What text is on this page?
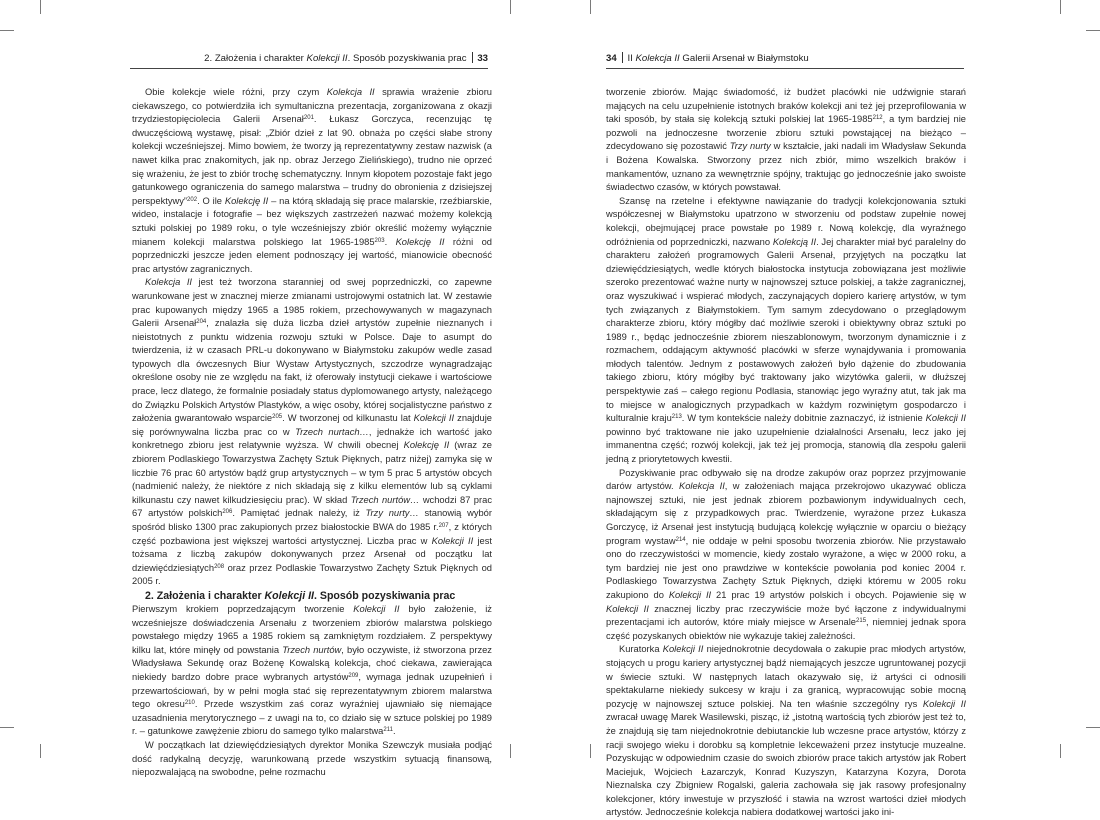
2. Założenia i charakter Kolekcji II. Sposób pozyskiwania prac 33

Obie kolekcje wiele różni, przy czym Kolekcja II sprawia wrażenie zbioru ciekawszego, co potwierdziła ich symultaniczna prezentacja, zorganizowana z okazji trzydziestopięciolecia Galerii Arsenał$^{201}$. Łukasz Gorczyca, recenzując tę dwuczęściową wystawę, pisał: „Zbiór dzieł z lat 90. obnaża po części słabe strony kolekcji wcześniejszej. Mimo bowiem, że tworzy ją reprezentatywny zestaw nazwisk (a nawet kilka prac znakomitych, jak np. obraz Jerzego Zielińskiego), trudno nie oprzeć się wrażeniu, że jest to zbiór trochę schematyczny. Innym kłopotem pozostaje fakt jego gatunkowego ograniczenia do samego malarstwa – trudny do obronienia z dzisiejszej perspektywy”$^{202}$. O ile Kolekcję II – na którą składają się prace malarskie, rzeźbiarskie, wideo, instalacje i fotografie – bez większych zastrzeżeń nazwać możemy kolekcją sztuki polskiej po 1989 roku, o tyle wcześniejszy zbiór określić możemy wyłącznie mianem kolekcji malarstwa polskiego lat 1965-1985$^{203}$. Kolekcję II różni od poprzedniczki jeszcze jeden element podnoszący jej wartość, mianowicie obecność prac artystów zagranicznych.

Kolekcja II jest też tworzona staranniej od swej poprzedniczki, co zapewne warunkowane jest w znacznej mierze zmianami ustrojowymi ostatnich lat. W zestawie prac kupowanych między 1965 a 1985 rokiem, przechowywanych w magazynach Galerii Arsenał$^{204}$, znalazła się duża liczba dzieł artystów zupełnie nieznanych i nieistotnych z punktu widzenia rozwoju sztuki w Polsce. Daje to asumpt do twierdzenia, iż w czasach PRL-u dokonywano w Białymstoku zakupów wedle zasad typowych dla ówczesnych Biur Wystaw Artystycznych, szczodrze wynagradzając określone osoby nie ze względu na fakt, iż oferowały instytucji ciekawe i wartościowe prace, lecz dlatego, że formalnie posiadały status dyplomowanego artysty, należącego do Związku Polskich Artystów Plastyków, a więc osoby, której socjalistyczne państwo z założenia gwarantowało wsparcie$^{205}$. W tworzonej od kilkunastu lat Kolekcji II znajduje się porównywalna liczba prac co w Trzech nurtach…, jednakże ich wartość jako konkretnego zbioru jest relatywnie wyższa. W chwili obecnej Kolekcję II (wraz ze zbiorem Podlaskiego Towarzystwa Zachęty Sztuk Pięknych, patrz niżej) zamyka się w liczbie 76 prac 60 artystów bądź grup artystycznych – w tym 5 prac 5 artystów obcych (nadmienić należy, że niektóre z nich składają się z kilku elementów lub są cyklami kilkunastu czy nawet kilkudziesięciu prac). W skład Trzech nurtów… wchodzi 87 prac 67 artystów polskich$^{206}$. Pamiętać jednak należy, iż Trzy nurty… stanowią wybór spośród blisko 1300 prac zakupionych przez białostockie BWA do 1985 r.$^{207}$, z których część pozbawiona jest większej wartości artystycznej. Liczba prac w Kolekcji II jest tożsama z liczbą zakupów dokonywanych przez Arsenał od początku lat dziewięćdziesiątych$^{208}$ oraz przez Podlaskie Towarzystwo Zachęty Sztuk Pięknych od 2005 r.

2. Założenia i charakter Kolekcji II. Sposób pozyskiwania prac

Pierwszym krokiem poprzedzającym tworzenie Kolekcji II było założenie, iż wcześniejsze doświadczenia Arsenału z tworzeniem zbiorów malarstwa polskiego powstałego między 1965 a 1985 rokiem są zamkniętym rozdziałem. Z perspektywy kilku lat, które minęły od powstania Trzech nurtów, było oczywiste, iż stworzona przez Władysława Sekundę oraz Bożenę Kowalską kolekcja, choć ciekawa, zawierająca niekiedy bardzo dobre prace wybranych artystów$^{209}$, wymaga jednak uzupełnień i przewartościowań, by w pełni mogła stać się reprezentatywnym zbiorem malarstwa tego okresu$^{210}$. Przede wszystkim zaś coraz wyraźniej ujawniało się niemające uzasadnienia merytorycznego – z uwagi na to, co działo się w sztuce polskiej po 1989 r. – gatunkowe zawężenie zbioru do samego tylko malarstwa$^{211}$.

W początkach lat dziewięćdziesiątych dyrektor Monika Szewczyk musiała podjąć dość radykalną decyzję, warunkowaną przede wszystkim sytuacją finansową, niepozwalającą na swobodne, pełne rozmachu

34 II Kolekcja II Galerii Arsenał w Białymstoku

tworzenie zbiorów. Mając świadomość, iż budżet placówki nie udźwignie starań mających na celu uzupełnienie istotnych braków kolekcji ani też jej przeprofilowania w taki sposób, by stała się kolekcją sztuki polskiej lat 1965-1985$^{212}$, a tym bardziej nie pozwoli na jednoczesne tworzenie zbioru sztuki powstającej na bieżąco – zdecydowano się pozostawić Trzy nurty w kształcie, jaki nadali im Władysław Sekunda i Bożena Kowalska. Stworzony przez nich zbiór, mimo wszelkich braków i mankamentów, uznano za wewnętrznie spójny, traktując go jednocześnie jako swoiste świadectwo czasów, w których powstawał.

Szansę na rzetelne i efektywne nawiązanie do tradycji kolekcjonowania sztuki współczesnej w Białymstoku upatrzono w stworzeniu od podstaw zupełnie nowej kolekcji, obejmującej prace powstałe po 1989 r. Nową kolekcję, dla wyraźnego odróżnienia od poprzedniczki, nazwano Kolekcją II. Jej charakter miał być paralelny do charakteru założeń programowych Galerii Arsenał, przyjętych na początku lat dziewięćdziesiątych, wedle których białostocka instytucja zobowiązana jest możliwie szeroko prezentować ważne nurty w najnowszej sztuce polskiej, a także zagranicznej, oraz wyszukiwać i wspierać młodych, zaczynających dopiero karierę artystów, w tym tych związanych z Białymstokiem. Tym samym zdecydowano o przeglądowym charakterze zbioru, który mógłby dać możliwie szeroki i obiektywny obraz sztuki po 1989 r., będąc jednocześnie zbiorem nieszablonowym, tworzonym dynamicznie i z rozmachem, oddającym aktywność placówki w sferze wynajdywania i promowania młodych talentów. Jednym z postawowych założeń było dążenie do zbudowania takiego zbioru, który mógłby być traktowany jako wizytówka galerii, w dłuższej perspektywie zaś – całego regionu Podlasia, stanowiąc jego wyraźny atut, tak jak ma to miejsce w analogicznych przypadkach w każdym rozwiniętym gospodarczo i kulturalnie kraju$^{213}$. W tym kontekście należy dobitnie zaznaczyć, iż istnienie Kolekcji II powinno być traktowane nie jako uzupełnienie działalności Arsenału, lecz jako jej immanentna część; rozwój kolekcji, jak też jej promocja, stanowią dla zespołu galerii jedną z priorytetowych kwestii.

Pozyskiwanie prac odbywało się na drodze zakupów oraz poprzez przyjmowanie darów artystów. Kolekcja II, w założeniach mająca przekrojowo ukazywać oblicza najnowszej sztuki, nie jest jednak zbiorem pozbawionym indywidualnych cech, składającym się z przypadkowych prac. Twierdzenie, wyrażone przez Łukasza Gorczycę, iż Arsenał jest instytucją budującą kolekcję wyłącznie w oparciu o bieżący program wystaw$^{214}$, nie oddaje w pełni sposobu tworzenia zbiorów. Nie przystawało ono do rzeczywistości w momencie, kiedy zostało wyrażone, a więc w 2000 roku, a tym bardziej nie jest ono prawdziwe w kontekście powołania pod koniec 2004 r. Podlaskiego Towarzystwa Zachęty Sztuk Pięknych, dzięki któremu w 2005 roku zakupiono do Kolekcji II 21 prac 19 artystów polskich i obcych. Pojawienie się w Kolekcji II znacznej liczby prac rzeczywiście może być łączone z indywidualnymi prezentacjami ich autorów, które miały miejsce w Arsenale$^{215}$, niemniej jednak spora część pozyskanych obiektów nie wykazuje takiej zależności.

Kuratorka Kolekcji II niejednokrotnie decydowała o zakupie prac młodych artystów, stojących u progu kariery artystycznej bądź niemających jeszcze ugruntowanej pozycji w świecie sztuki. W następnych latach okazywało się, iż artyści ci odnosili spektakularne niekiedy sukcesy w kraju i za granicą, wypracowując sobie mocną pozycję w najnowszej sztuce polskiej. Na ten właśnie szczególny rys Kolekcji II zwracał uwagę Marek Wasilewski, pisząc, iż „istotną wartością tych zbiorów jest też to, że znajdują się tam niejednokrotnie debiutanckie lub wczesne prace artystów, którzy z racji swojego wieku i dorobku są kompletnie lekceważeni przez instytucje muzealne. Pozyskując w odpowiednim czasie do swoich zbiorów prace takich artystów jak Robert Maciejuk, Wojciech Łazarczyk, Konrad Kuzyszyn, Katarzyna Kozyra, Dorota Nieznalska czy Zbigniew Rogalski, galeria zachowała się jak rasowy profesjonalny kolekcjoner, który inwestuje w przyszłość i stawia na wzrost wartości dzieł młodych artystów. Jednocześnie kolekcja nabiera dodatkowej wartości jako ini-
